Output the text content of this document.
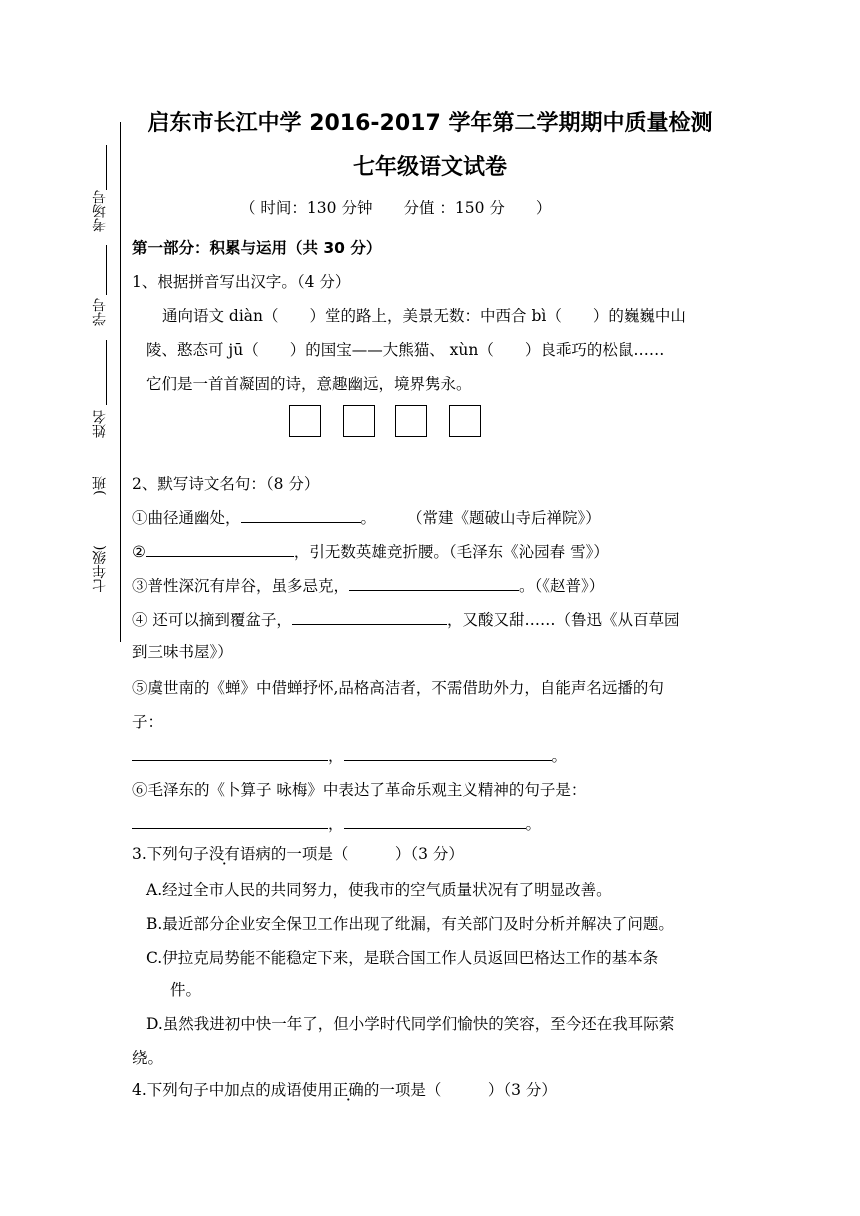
考场号
学号
姓名
)班
七年级(
启东市长江中学 2016-2017 学年第二学期期中质量检测
七年级语文试卷
（ 时间：130 分钟　　分值 ：150 分　　）
第一部分：积累与运用（共 30 分）
1、根据拼音写出汉字。（4 分）
通向语文 diàn（　　）堂的路上，美景无数：中西合 bì（　　）的巍巍中山
陵、憨态可 jū（　　）的国宝——大熊猫、 xùn（　　）良乖巧的松鼠……
它们是一首首凝固的诗，意趣幽远，境界隽永。
2、默写诗文名句：（8 分）
①曲径通幽处，	。　　　（常建《题破山寺后禅院》）
②	，引无数英雄竞折腰。（毛泽东《沁园春 雪》）
③普性深沉有岸谷，虽多忌克，	。（《赵普》）
④ 还可以摘到覆盆子，	，又酸又甜……（鲁迅《从百草园
到三味书屋》）
⑤虞世南的《蝉》中借蝉抒怀,品格高洁者，不需借助外力，自能声名远播的句
子：
，	。
⑥毛泽东的《卜算子 咏梅》中表达了革命乐观主义精神的句子是：
，	。
3.下列句子没有语病的一项是（　　　）（3 分）
A.经过全市人民的共同努力，使我市的空气质量状况有了明显改善。
B.最近部分企业安全保卫工作出现了纰漏，有关部门及时分析并解决了问题。
C.伊拉克局势能不能稳定下来，是联合国工作人员返回巴格达工作的基本条
件。
D.虽然我进初中快一年了，但小学时代同学们愉快的笑容，至今还在我耳际萦
绕。
4.下列句子中加点的成语使用正确的一项是（　　　）（3 分）
